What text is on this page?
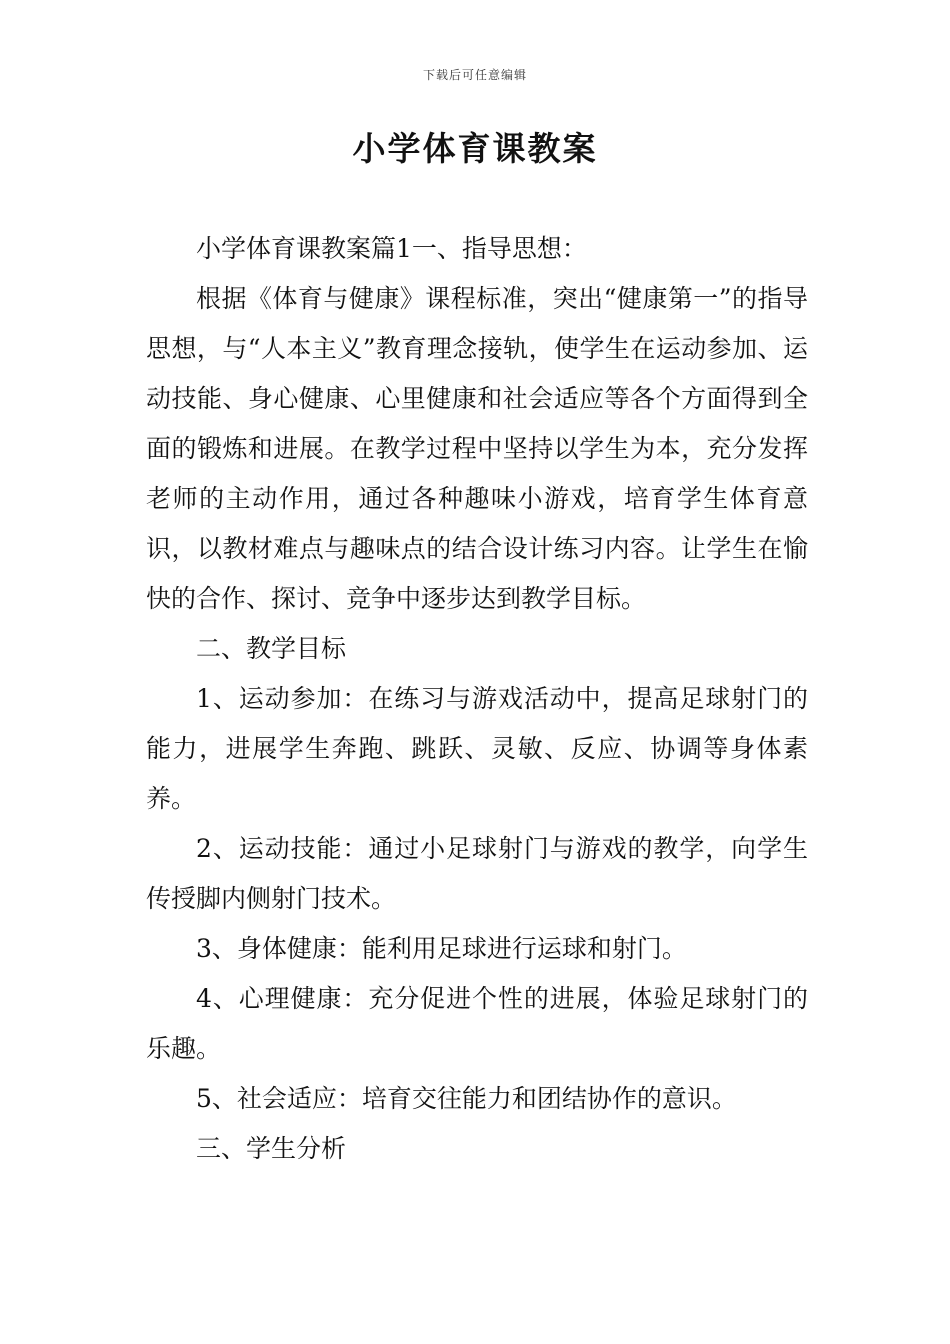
下载后可任意编辑
小学体育课教案

小学体育课教案篇1一、指导思想：

根据《体育与健康》课程标准，突出“健康第一”的指导思想，与“人本主义”教育理念接轨，使学生在运动参加、运动技能、身心健康、心里健康和社会适应等各个方面得到全面的锻炼和进展。在教学过程中坚持以学生为本，充分发挥老师的主动作用，通过各种趣味小游戏，培育学生体育意识，以教材难点与趣味点的结合设计练习内容。让学生在愉快的合作、探讨、竞争中逐步达到教学目标。

二、教学目标

1、运动参加：在练习与游戏活动中，提高足球射门的能力，进展学生奔跑、跳跃、灵敏、反应、协调等身体素养。

2、运动技能：通过小足球射门与游戏的教学，向学生传授脚内侧射门技术。

3、身体健康：能利用足球进行运球和射门。

4、心理健康：充分促进个性的进展，体验足球射门的乐趣。

5、社会适应：培育交往能力和团结协作的意识。

三、学生分析
